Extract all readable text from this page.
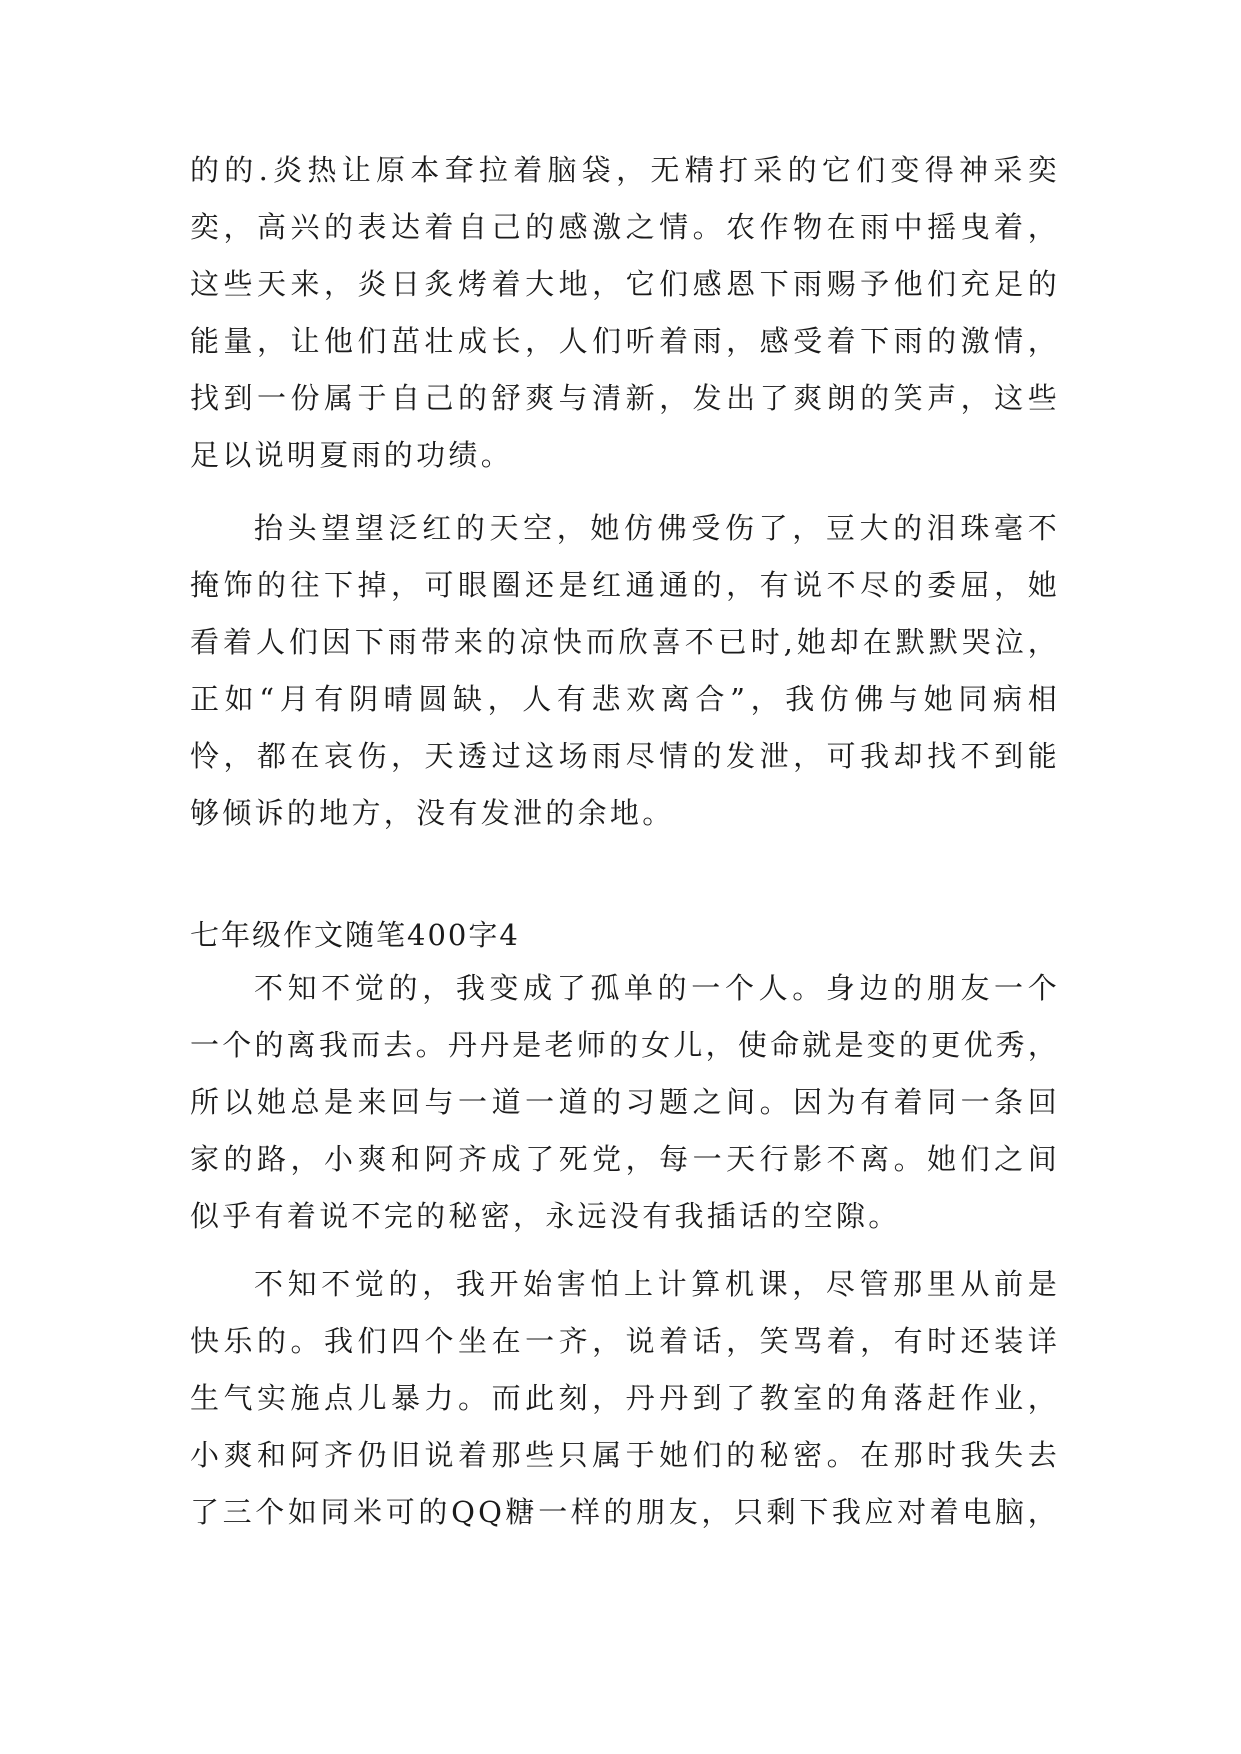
的的.炎热让原本耷拉着脑袋，无精打采的它们变得神采奕
奕，高兴的表达着自己的感激之情。农作物在雨中摇曳着，
这些天来，炎日炙烤着大地，它们感恩下雨赐予他们充足的
能量，让他们茁壮成长，人们听着雨，感受着下雨的激情，
找到一份属于自己的舒爽与清新，发出了爽朗的笑声，这些
足以说明夏雨的功绩。
抬头望望泛红的天空，她仿佛受伤了，豆大的泪珠毫不
掩饰的往下掉，可眼圈还是红通通的，有说不尽的委屈，她
看着人们因下雨带来的凉快而欣喜不已时,她却在默默哭泣，
正如“月有阴晴圆缺，人有悲欢离合”，我仿佛与她同病相
怜，都在哀伤，天透过这场雨尽情的发泄，可我却找不到能
够倾诉的地方，没有发泄的余地。
七年级作文随笔400字4
不知不觉的，我变成了孤单的一个人。身边的朋友一个
一个的离我而去。丹丹是老师的女儿，使命就是变的更优秀，
所以她总是来回与一道一道的习题之间。因为有着同一条回
家的路，小爽和阿齐成了死党，每一天行影不离。她们之间
似乎有着说不完的秘密，永远没有我插话的空隙。
不知不觉的，我开始害怕上计算机课，尽管那里从前是
快乐的。我们四个坐在一齐，说着话，笑骂着，有时还装详
生气实施点儿暴力。而此刻，丹丹到了教室的角落赶作业，
小爽和阿齐仍旧说着那些只属于她们的秘密。在那时我失去
了三个如同米可的QQ糖一样的朋友，只剩下我应对着电脑，
